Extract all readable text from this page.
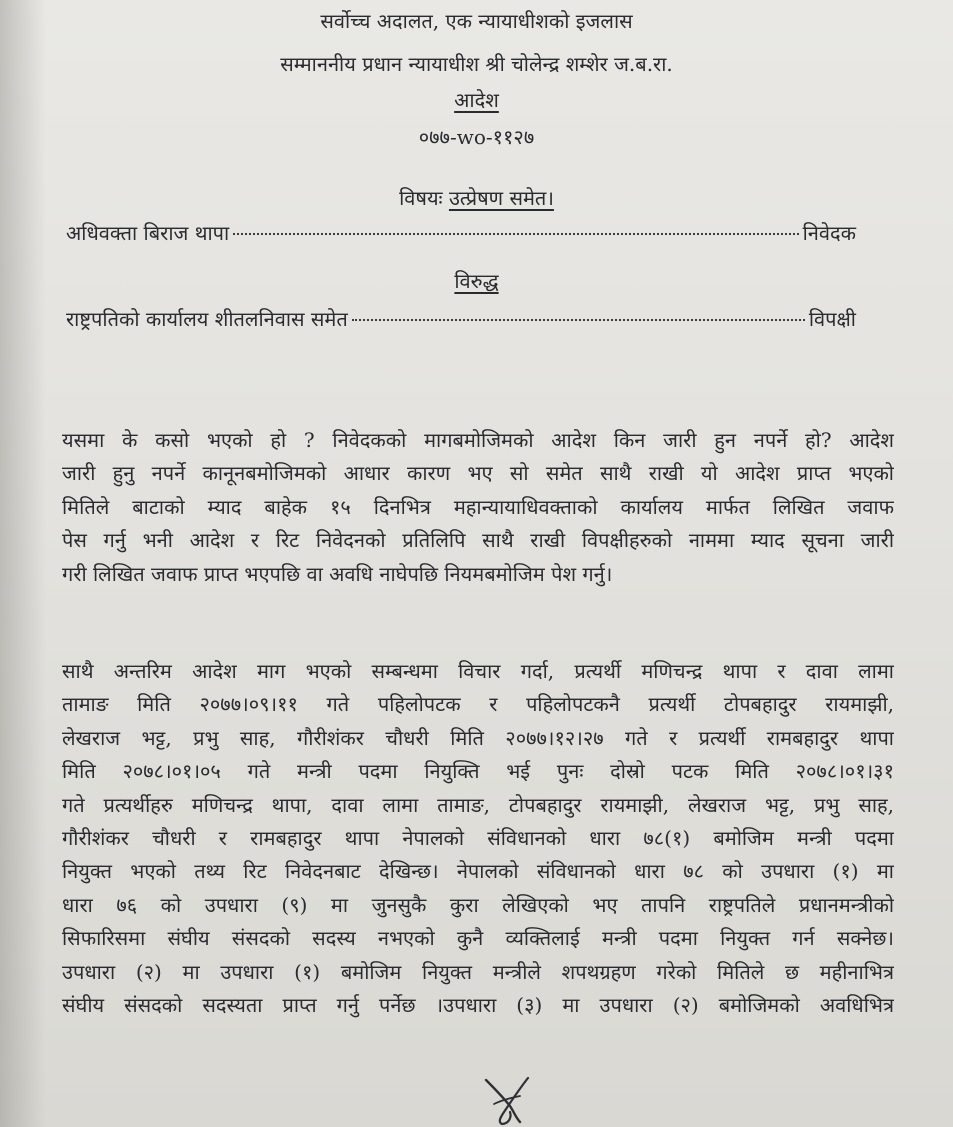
सर्वोच्च अदालत, एक न्यायाधीशको इजलास
सम्माननीय प्रधान न्यायाधीश श्री चोलेन्द्र शम्शेर ज.ब.रा.
आदेश
०७७-wo-११२७
विषयः उत्प्रेषण समेत।
अधिवक्ता बिराज थापा	निवेदक
विरुद्ध
राष्ट्रपतिको कार्यालय शीतलनिवास समेत	विपक्षी
यसमा के कसो भएको हो ? निवेदकको मागबमोजिमको आदेश किन जारी हुन नपर्ने हो? आदेश
जारी हुनु नपर्ने कानूनबमोजिमको आधार कारण भए सो समेत साथै राखी यो आदेश प्राप्त भएको
मितिले बाटाको म्याद बाहेक १५ दिनभित्र महान्यायाधिवक्ताको कार्यालय मार्फत लिखित जवाफ
पेस गर्नु भनी आदेश र रिट निवेदनको प्रतिलिपि साथै राखी विपक्षीहरुको नाममा म्याद सूचना जारी
गरी लिखित जवाफ प्राप्त भएपछि वा अवधि नाघेपछि नियमबमोजिम पेश गर्नु।
साथै अन्तरिम आदेश माग भएको सम्बन्धमा विचार गर्दा, प्रत्यर्थी मणिचन्द्र थापा र दावा लामा
तामाङ मिति २०७७।०९।११ गते पहिलोपटक र पहिलोपटकनै प्रत्यर्थी टोपबहादुर रायमाझी,
लेखराज भट्ट, प्रभु साह, गौरीशंकर चौधरी मिति २०७७।१२।२७ गते र प्रत्यर्थी रामबहादुर थापा
मिति २०७८।०१।०५ गते मन्त्री पदमा नियुक्ति भई पुनः दोस्रो पटक मिति २०७८।०१।३१
गते प्रत्यर्थीहरु मणिचन्द्र थापा, दावा लामा तामाङ, टोपबहादुर रायमाझी, लेखराज भट्ट, प्रभु साह,
गौरीशंकर चौधरी र रामबहादुर थापा नेपालको संविधानको धारा ७८(१) बमोजिम मन्त्री पदमा
नियुक्त भएको तथ्य रिट निवेदनबाट देखिन्छ। नेपालको संविधानको धारा ७८ को उपधारा (१) मा
धारा ७६ को उपधारा (९) मा जुनसुकै कुरा लेखिएको भए तापनि राष्ट्रपतिले प्रधानमन्त्रीको
सिफारिसमा संघीय संसदको सदस्य नभएको कुनै व्यक्तिलाई मन्त्री पदमा नियुक्त गर्न सक्नेछ।
उपधारा (२) मा उपधारा (१) बमोजिम नियुक्त मन्त्रीले शपथग्रहण गरेको मितिले छ महीनाभित्र
संघीय संसदको सदस्यता प्राप्त गर्नु पर्नेछ ।उपधारा (३) मा उपधारा (२) बमोजिमको अवधिभित्र
